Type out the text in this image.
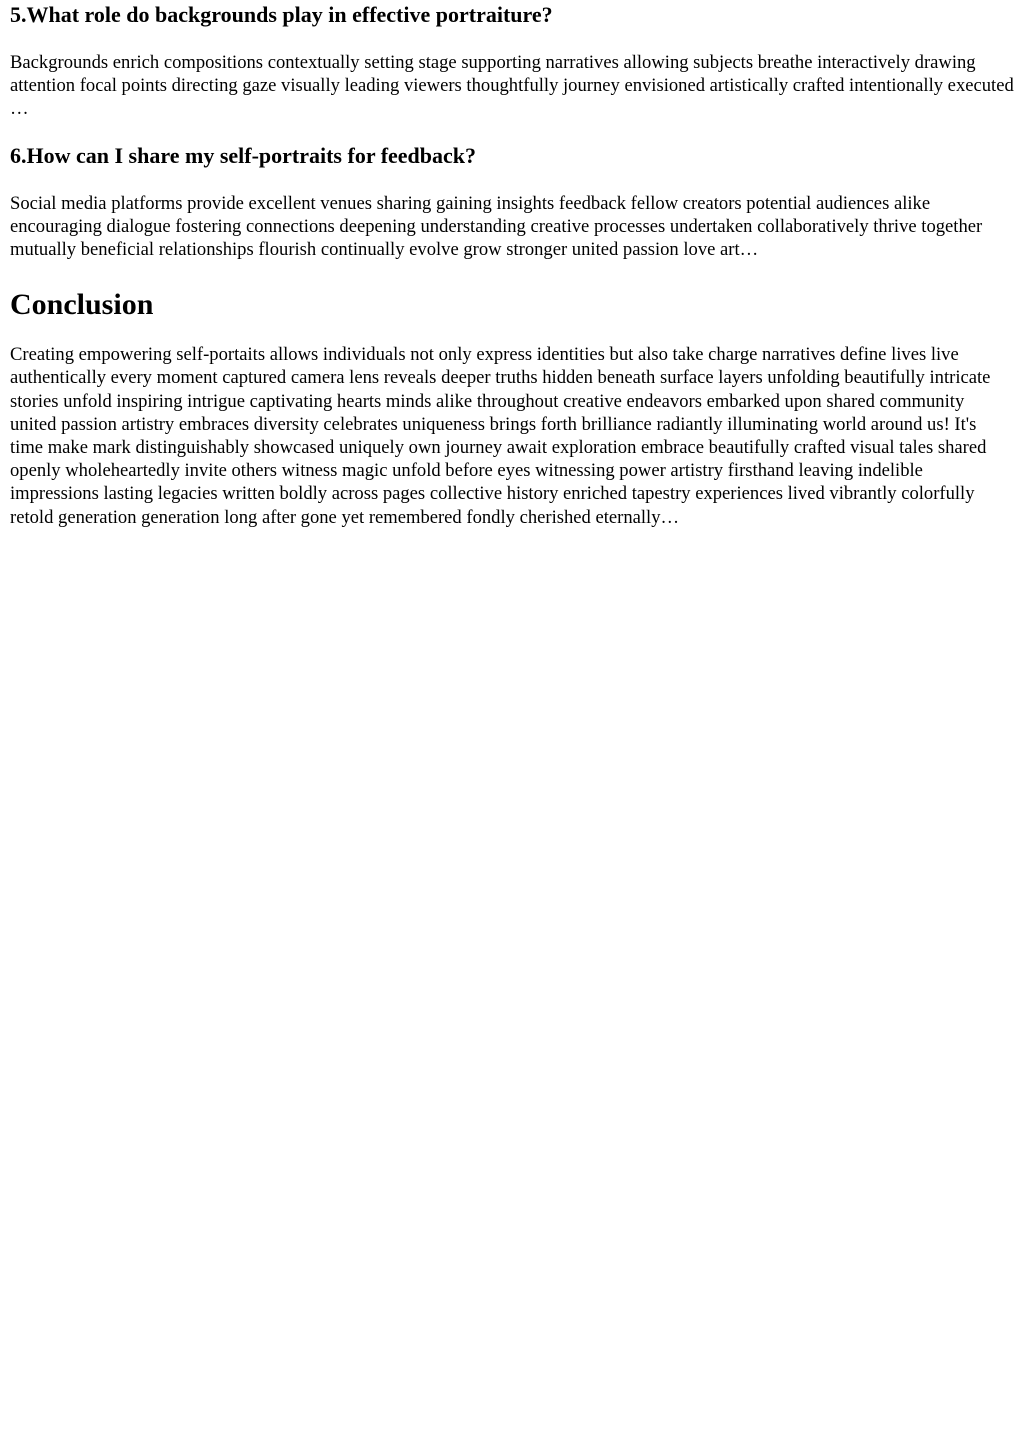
5.What role do backgrounds play in effective portraiture?

Backgrounds enrich compositions contextually setting stage supporting narratives allowing subjects breathe interactively drawing attention focal points directing gaze visually leading viewers thoughtfully journey envisioned artistically crafted intentionally executed …

6.How can I share my self-portraits for feedback?

Social media platforms provide excellent venues sharing gaining insights feedback fellow creators potential audiences alike encouraging dialogue fostering connections deepening understanding creative processes undertaken collaboratively thrive together mutually beneficial relationships flourish continually evolve grow stronger united passion love art…

Conclusion

Creating empowering self-portaits allows individuals not only express identities but also take charge narratives define lives live authentically every moment captured camera lens reveals deeper truths hidden beneath surface layers unfolding beautifully intricate stories unfold inspiring intrigue captivating hearts minds alike throughout creative endeavors embarked upon shared community united passion artistry embraces diversity celebrates uniqueness brings forth brilliance radiantly illuminating world around us! It's time make mark distinguishably showcased uniquely own journey await exploration embrace beautifully crafted visual tales shared openly wholeheartedly invite others witness magic unfold before eyes witnessing power artistry firsthand leaving indelible impressions lasting legacies written boldly across pages collective history enriched tapestry experiences lived vibrantly colorfully retold generation generation long after gone yet remembered fondly cherished eternally…
